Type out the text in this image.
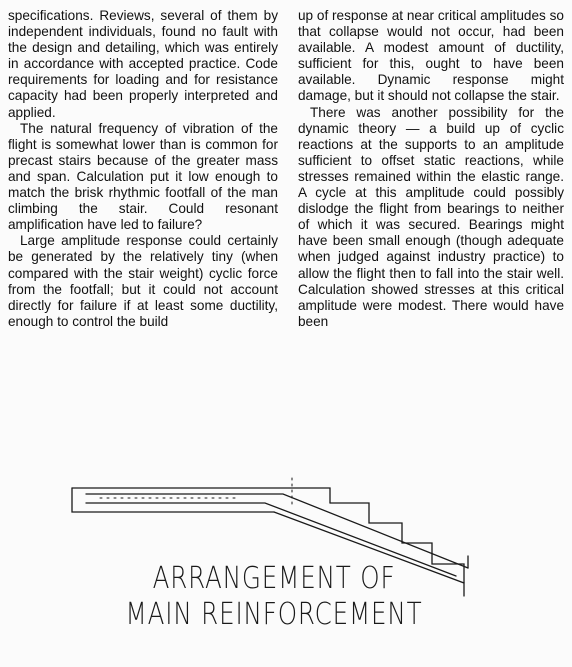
specifications. Reviews, several of them by independent individuals, found no fault with the design and detailing, which was entirely in accordance with accepted practice. Code requirements for loading and for resistance capacity had been properly interpreted and applied.

The natural frequency of vibration of the flight is somewhat lower than is common for precast stairs because of the greater mass and span. Calculation put it low enough to match the brisk rhythmic footfall of the man climbing the stair. Could resonant amplification have led to failure?

Large amplitude response could certainly be generated by the relatively tiny (when compared with the stair weight) cyclic force from the footfall; but it could not account directly for failure if at least some ductility, enough to control the build

up of response at near critical amplitudes so that collapse would not occur, had been available. A modest amount of ductility, sufficient for this, ought to have been available. Dynamic response might damage, but it should not collapse the stair.

There was another possibility for the dynamic theory — a build up of cyclic reactions at the supports to an amplitude sufficient to offset static reactions, while stresses remained within the elastic range. A cycle at this amplitude could possibly dislodge the flight from bearings to neither of which it was secured. Bearings might have been small enough (though adequate when judged against industry practice) to allow the flight then to fall into the stair well. Calculation showed stresses at this critical amplitude were modest. There would have been

ARRANGEMENT OF
MAIN REINFORCEMENT
